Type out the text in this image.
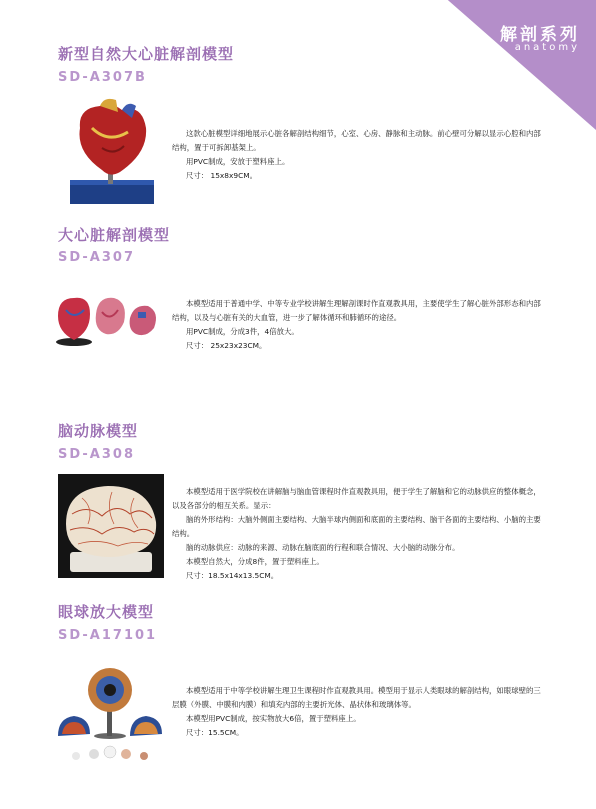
解剖系列
anatomy
新型自然大心脏解剖模型
SD-A307B

这款心脏模型详细地展示心脏各解剖结构细节，心室、心房、静脉和主动脉。前心壁可分解以显示心腔和内部结构，置于可拆卸基架上。

用PVC制成，安放于塑料座上。

尺寸： 15x8x9CM。

大心脏解剖模型
SD-A307

本模型适用于普通中学、中等专业学校讲解生理解剖课时作直观教具用，主要使学生了解心脏外部形态和内部结构，以及与心脏有关的大血管，进一步了解体循环和肺循环的途径。

用PVC制成，分成3件，4倍放大。

尺寸： 25x23x23CM。

脑动脉模型
SD-A308

本模型适用于医学院校在讲解脑与脑血管课程时作直观教具用，便于学生了解脑和它的动脉供应的整体概念，以及各部分的相互关系。显示：

脑的外形结构：大脑外侧面主要结构、大脑半球内侧面和底面的主要结构、脑干各面的主要结构、小脑的主要结构。

脑的动脉供应：动脉的来源、动脉在脑底面的行程和联合情况、大小脑的动脉分布。

本模型自然大，分成8件，置于塑料座上。

尺寸：18.5x14x13.5CM。

眼球放大模型
SD-A17101

本模型适用于中等学校讲解生理卫生课程时作直观教具用。模型用于显示人类眼球的解剖结构，如眼球壁的三层膜（外膜、中膜和内膜）和填充内部的主要折光体、晶状体和玻璃体等。

本模型用PVC制成，按实物放大6倍，置于塑料座上。

尺寸：15.5CM。
